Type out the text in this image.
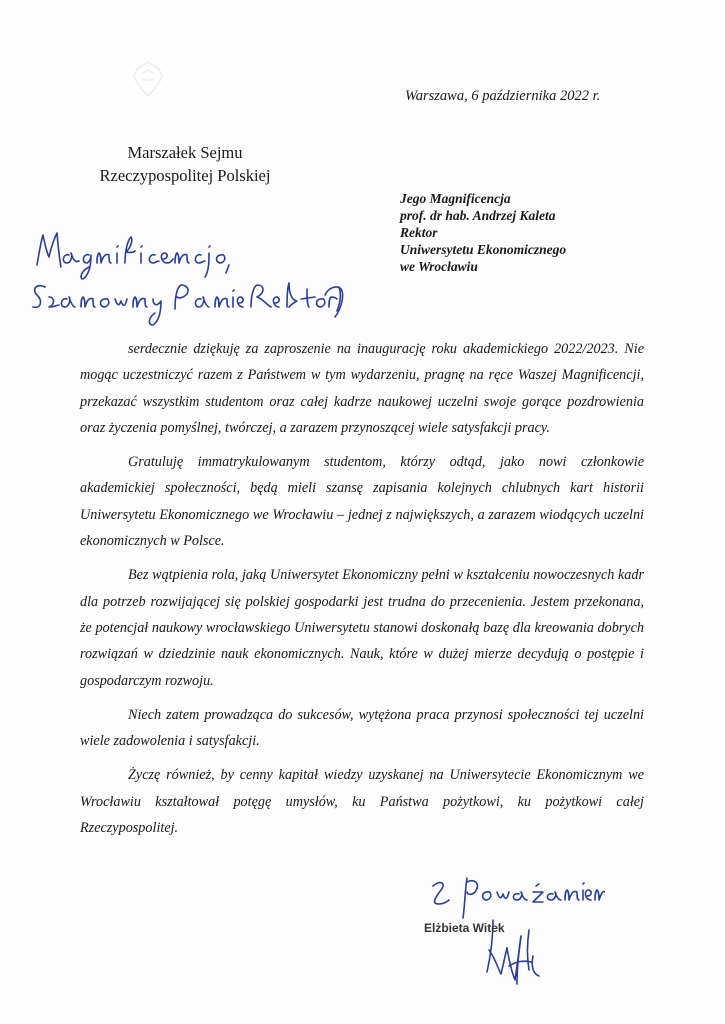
Warszawa, 6 października 2022 r.
Marszałek Sejmu
Rzeczypospolitej Polskiej
Jego Magnificencja
prof. dr hab. Andrzej Kaleta
Rektor
Uniwersytetu Ekonomicznego
we Wrocławiu

serdecznie dziękuję za zaproszenie na inaugurację roku akademickiego 2022/2023. Nie mogąc uczestniczyć razem z Państwem w tym wydarzeniu, pragnę na ręce Waszej Magnificencji, przekazać wszystkim studentom oraz całej kadrze naukowej uczelni swoje gorące pozdrowienia oraz życzenia pomyślnej, twórczej, a zarazem przynoszącej wiele satysfakcji pracy.

Gratuluję immatrykulowanym studentom, którzy odtąd, jako nowi członkowie akademickiej społeczności, będą mieli szansę zapisania kolejnych chlubnych kart historii Uniwersytetu Ekonomicznego we Wrocławiu – jednej z największych, a zarazem wiodących uczelni ekonomicznych w Polsce.

Bez wątpienia rola, jaką Uniwersytet Ekonomiczny pełni w kształceniu nowoczesnych kadr dla potrzeb rozwijającej się polskiej gospodarki jest trudna do przecenienia. Jestem przekonana, że potencjał naukowy wrocławskiego Uniwersytetu stanowi doskonałą bazę dla kreowania dobrych rozwiązań w dziedzinie nauk ekonomicznych. Nauk, które w dużej mierze decydują o postępie i gospodarczym rozwoju.

Niech zatem prowadząca do sukcesów, wytężona praca przynosi społeczności tej uczelni wiele zadowolenia i satysfakcji.

Życzę również, by cenny kapitał wiedzy uzyskanej na Uniwersytecie Ekonomicznym we Wrocławiu kształtował potęgę umysłów, ku Państwa pożytkowi, ku pożytkowi całej Rzeczypospolitej.

Elżbieta Witek
